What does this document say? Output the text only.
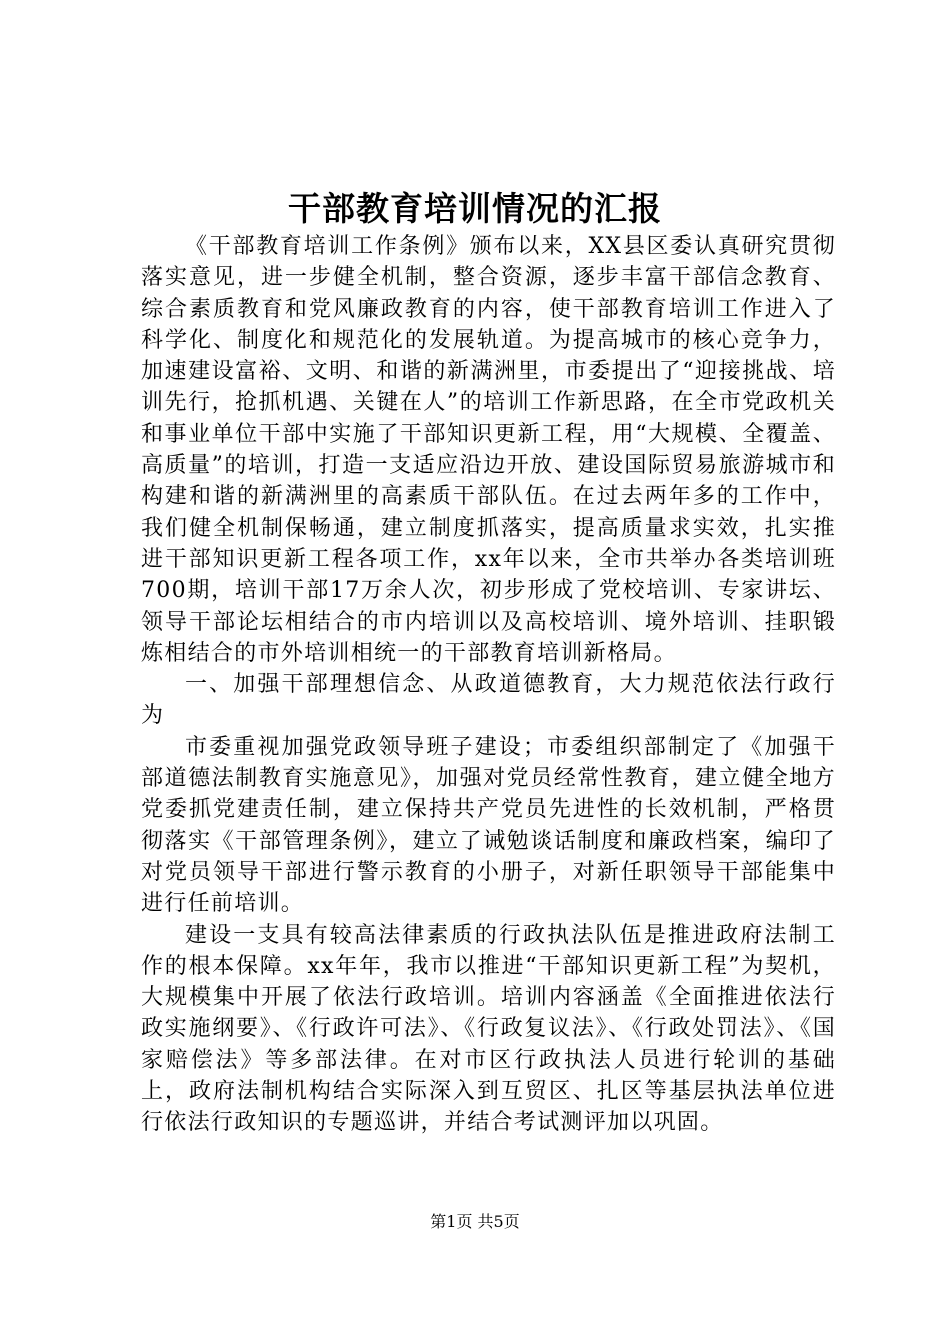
干部教育培训情况的汇报

《干部教育培训工作条例》颁布以来，XX县区委认真研究贯彻落实意见，进一步健全机制，整合资源，逐步丰富干部信念教育、综合素质教育和党风廉政教育的内容，使干部教育培训工作进入了科学化、制度化和规范化的发展轨道。为提高城市的核心竞争力，加速建设富裕、文明、和谐的新满洲里，市委提出了“迎接挑战、培训先行，抢抓机遇、关键在人”的培训工作新思路，在全市党政机关和事业单位干部中实施了干部知识更新工程，用“大规模、全覆盖、高质量”的培训，打造一支适应沿边开放、建设国际贸易旅游城市和构建和谐的新满洲里的高素质干部队伍。在过去两年多的工作中，我们健全机制保畅通，建立制度抓落实，提高质量求实效，扎实推进干部知识更新工程各项工作，xx年以来，全市共举办各类培训班700期，培训干部17万余人次，初步形成了党校培训、专家讲坛、领导干部论坛相结合的市内培训以及高校培训、境外培训、挂职锻炼相结合的市外培训相统一的干部教育培训新格局。

一、加强干部理想信念、从政道德教育，大力规范依法行政行为

市委重视加强党政领导班子建设；市委组织部制定了《加强干部道德法制教育实施意见》，加强对党员经常性教育，建立健全地方党委抓党建责任制，建立保持共产党员先进性的长效机制，严格贯彻落实《干部管理条例》，建立了诫勉谈话制度和廉政档案，编印了对党员领导干部进行警示教育的小册子，对新任职领导干部能集中进行任前培训。

建设一支具有较高法律素质的行政执法队伍是推进政府法制工作的根本保障。xx年年，我市以推进“干部知识更新工程”为契机，大规模集中开展了依法行政培训。培训内容涵盖《全面推进依法行政实施纲要》、《行政许可法》、《行政复议法》、《行政处罚法》、《国家赔偿法》等多部法律。在对市区行政执法人员进行轮训的基础上，政府法制机构结合实际深入到互贸区、扎区等基层执法单位进行依法行政知识的专题巡讲，并结合考试测评加以巩固。

第1页 共5页
